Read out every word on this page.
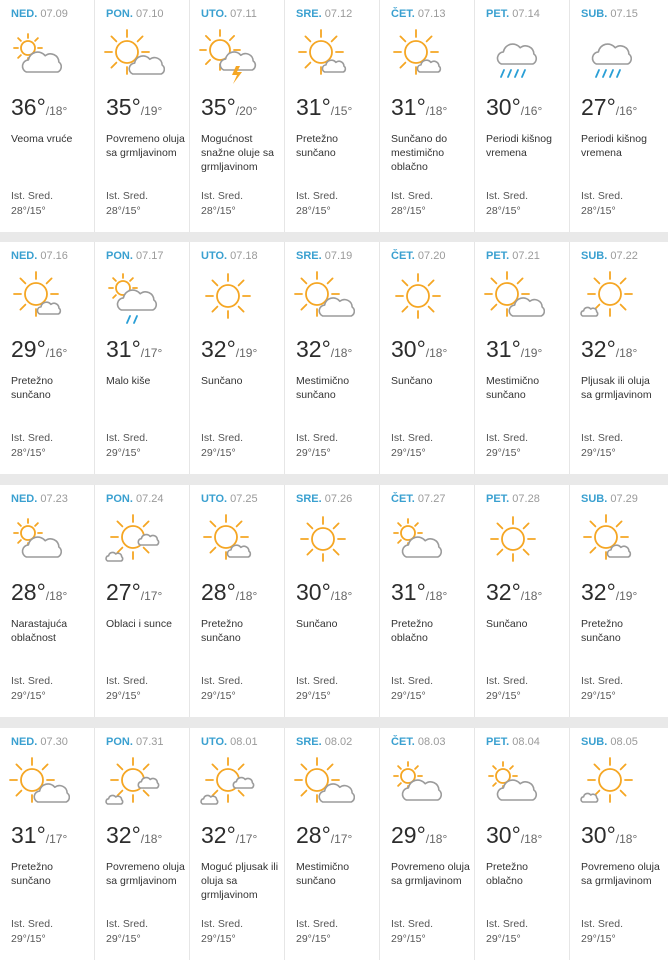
NED. 07.09
36°/18°
Veoma vruće
Ist. Sred.
28°/15°
PON. 07.10
35°/19°
Povremeno oluja sa grmljavinom
Ist. Sred.
28°/15°
UTO. 07.11
35°/20°
Mogućnost snažne oluje sa grmljavinom
Ist. Sred.
28°/15°
SRE. 07.12
31°/15°
Pretežno sunčano
Ist. Sred.
28°/15°
ČET. 07.13
31°/18°
Sunčano do mestimično oblačno
Ist. Sred.
28°/15°
PET. 07.14
30°/16°
Periodi kišnog vremena
Ist. Sred.
28°/15°
SUB. 07.15
27°/16°
Periodi kišnog vremena
Ist. Sred.
28°/15°
NED. 07.16
29°/16°
Pretežno sunčano
Ist. Sred.
28°/15°
PON. 07.17
31°/17°
Malo kiše
Ist. Sred.
29°/15°
UTO. 07.18
32°/19°
Sunčano
Ist. Sred.
29°/15°
SRE. 07.19
32°/18°
Mestimično sunčano
Ist. Sred.
29°/15°
ČET. 07.20
30°/18°
Sunčano
Ist. Sred.
29°/15°
PET. 07.21
31°/19°
Mestimično sunčano
Ist. Sred.
29°/15°
SUB. 07.22
32°/18°
Pljusak ili oluja sa grmljavinom
Ist. Sred.
29°/15°
NED. 07.23
28°/18°
Narastajuća oblačnost
Ist. Sred.
29°/15°
PON. 07.24
27°/17°
Oblaci i sunce
Ist. Sred.
29°/15°
UTO. 07.25
28°/18°
Pretežno sunčano
Ist. Sred.
29°/15°
SRE. 07.26
30°/18°
Sunčano
Ist. Sred.
29°/15°
ČET. 07.27
31°/18°
Pretežno oblačno
Ist. Sred.
29°/15°
PET. 07.28
32°/18°
Sunčano
Ist. Sred.
29°/15°
SUB. 07.29
32°/19°
Pretežno sunčano
Ist. Sred.
29°/15°
NED. 07.30
31°/17°
Pretežno sunčano
Ist. Sred.
29°/15°
PON. 07.31
32°/18°
Povremeno oluja sa grmljavinom
Ist. Sred.
29°/15°
UTO. 08.01
32°/17°
Moguć pljusak ili oluja sa grmljavinom
Ist. Sred.
29°/15°
SRE. 08.02
28°/17°
Mestimično sunčano
Ist. Sred.
29°/15°
ČET. 08.03
29°/18°
Povremeno oluja sa grmljavinom
Ist. Sred.
29°/15°
PET. 08.04
30°/18°
Pretežno oblačno
Ist. Sred.
29°/15°
SUB. 08.05
30°/18°
Povremeno oluja sa grmljavinom
Ist. Sred.
29°/15°
